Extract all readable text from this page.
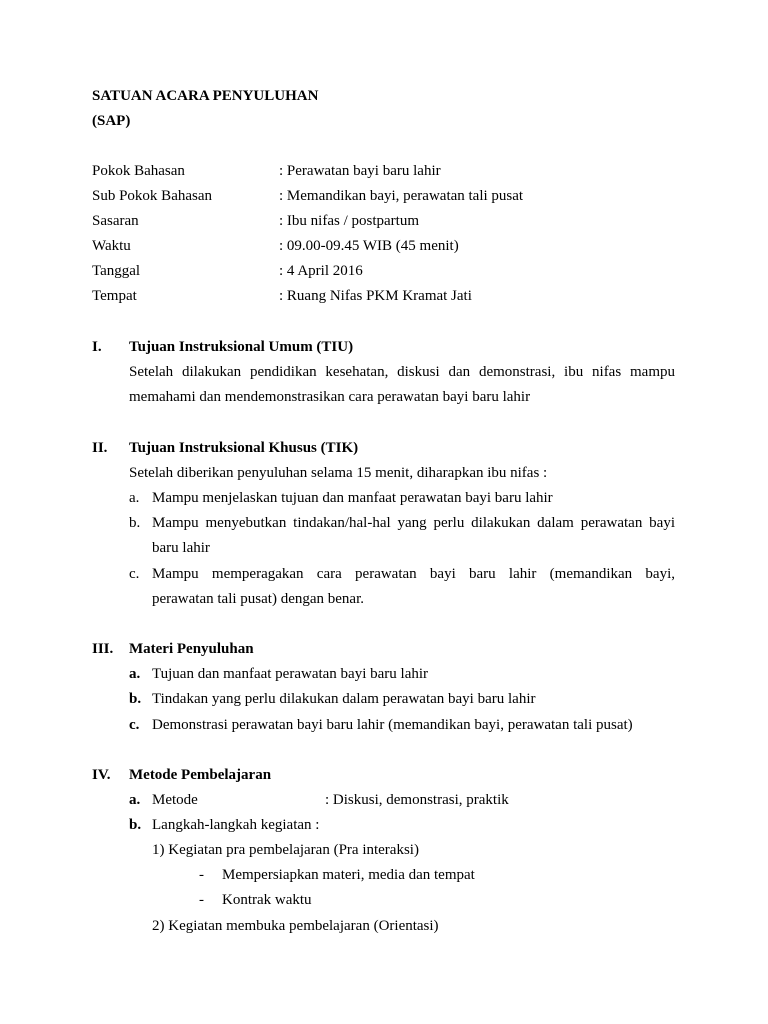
SATUAN ACARA PENYULUHAN
(SAP)
Pokok Bahasan	: Perawatan bayi baru lahir
Sub Pokok Bahasan	: Memandikan bayi, perawatan tali pusat
Sasaran	: Ibu nifas / postpartum
Waktu	: 09.00-09.45 WIB (45 menit)
Tanggal	: 4 April 2016
Tempat	: Ruang Nifas PKM Kramat Jati
I. Tujuan Instruksional Umum (TIU)
Setelah dilakukan pendidikan kesehatan, diskusi dan demonstrasi, ibu nifas mampu
memahami dan mendemonstrasikan cara perawatan bayi baru lahir
II. Tujuan Instruksional Khusus (TIK)
Setelah diberikan penyuluhan selama 15 menit, diharapkan ibu nifas :
a. Mampu menjelaskan tujuan dan manfaat perawatan bayi baru lahir
b. Mampu menyebutkan tindakan/hal-hal yang perlu dilakukan dalam perawatan bayi
baru lahir
c. Mampu memperagakan cara perawatan bayi baru lahir (memandikan bayi,
perawatan tali pusat) dengan benar.
III. Materi Penyuluhan
a. Tujuan dan manfaat perawatan bayi baru lahir
b. Tindakan yang perlu dilakukan dalam perawatan bayi baru lahir
c. Demonstrasi perawatan bayi baru lahir (memandikan bayi, perawatan tali pusat)
IV. Metode Pembelajaran
a. Metode	: Diskusi, demonstrasi, praktik
b. Langkah-langkah kegiatan :
1) Kegiatan pra pembelajaran (Pra interaksi)
- Mempersiapkan materi, media dan tempat
- Kontrak waktu
2) Kegiatan membuka pembelajaran (Orientasi)
